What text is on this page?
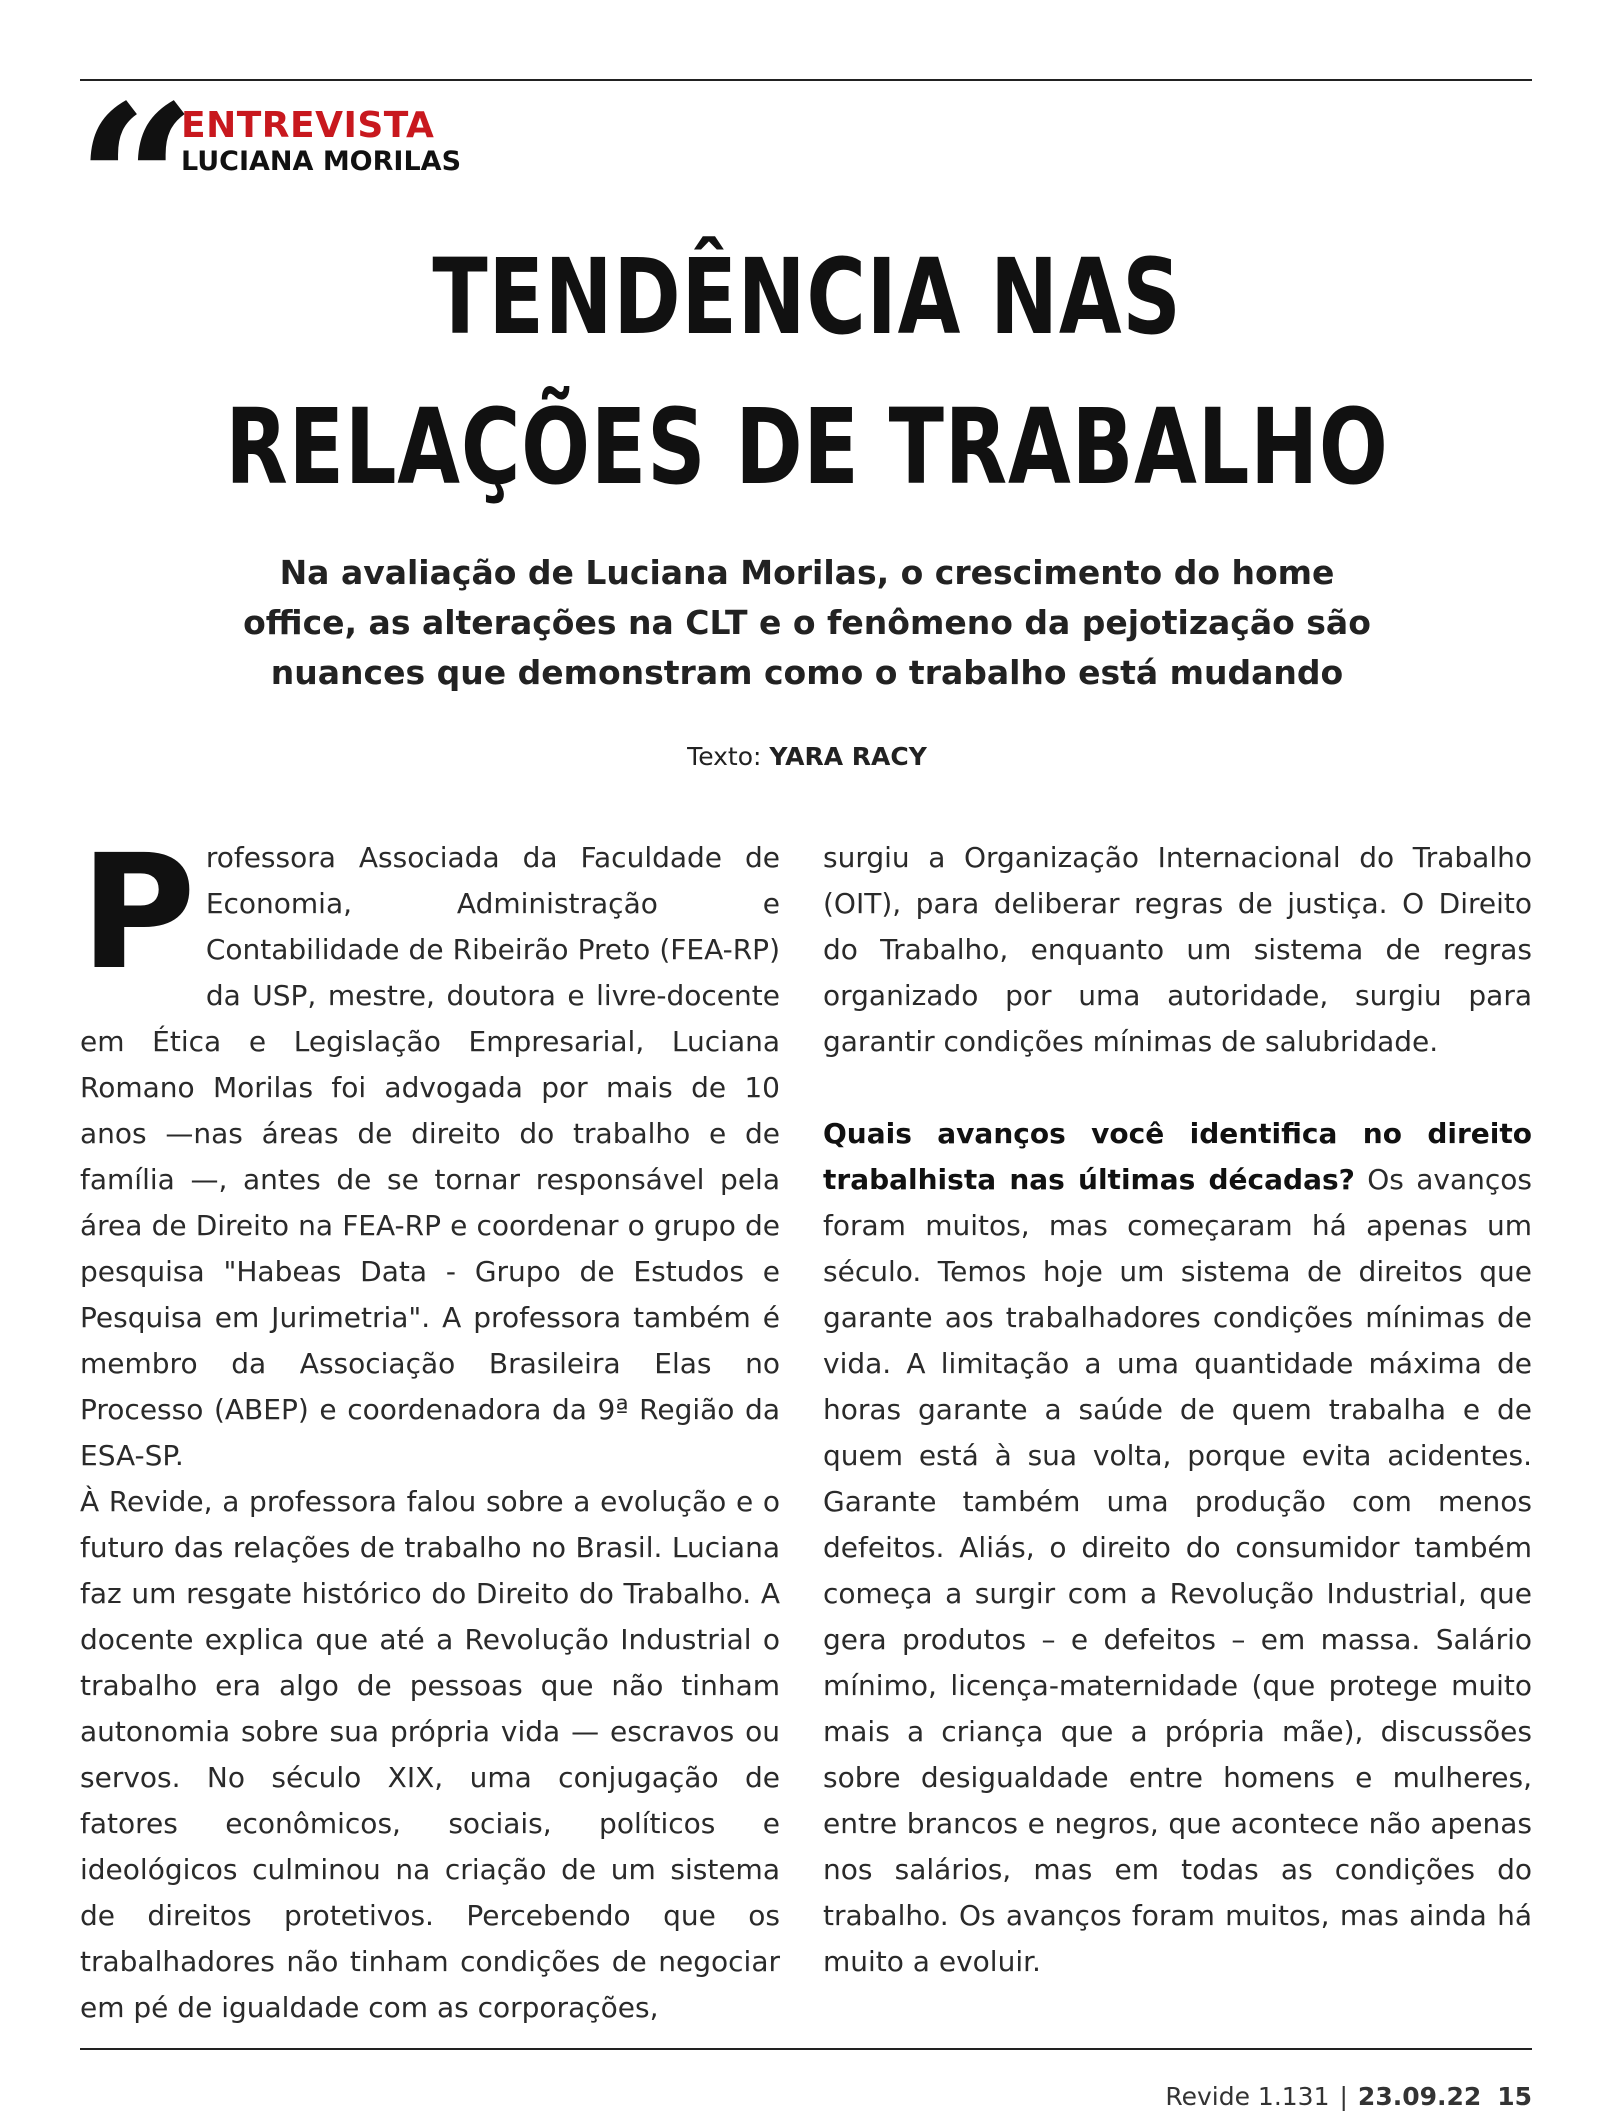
“
ENTREVISTA
LUCIANA MORILAS
TENDÊNCIA NAS RELAÇÕES DE TRABALHO
Na avaliação de Luciana Morilas, o crescimento do home office, as alterações na CLT e o fenômeno da pejotização são nuances que demonstram como o trabalho está mudando
Texto: YARA RACY

Professora Associada da Faculdade de Economia, Administração e Contabilidade de Ribeirão Preto (FEA-RP) da USP, mestre, doutora e livre-docente em Ética e Legislação Empresarial, Luciana Romano Morilas foi advogada por mais de 10 anos —nas áreas de direito do trabalho e de família —, antes de se tornar responsável pela área de Direito na FEA-RP e coordenar o grupo de pesquisa "Habeas Data - Grupo de Estudos e Pesquisa em Jurimetria". A professora também é membro da Associação Brasileira Elas no Processo (ABEP) e coordenadora da 9ª Região da ESA-SP.

À Revide, a professora falou sobre a evolução e o futuro das relações de trabalho no Brasil. Luciana faz um resgate histórico do Direito do Trabalho. A docente explica que até a Revolução Industrial o trabalho era algo de pessoas que não tinham autonomia sobre sua própria vida — escravos ou servos. No século XIX, uma conjugação de fatores econômicos, sociais, políticos e ideológicos culminou na criação de um sistema de direitos protetivos. Percebendo que os trabalhadores não tinham condições de negociar em pé de igualdade com as corporações,

surgiu a Organização Internacional do Trabalho (OIT), para deliberar regras de justiça. O Direito do Trabalho, enquanto um sistema de regras organizado por uma autoridade, surgiu para garantir condições mínimas de salubridade.

Quais avanços você identifica no direito trabalhista nas últimas décadas? Os avanços foram muitos, mas começaram há apenas um século. Temos hoje um sistema de direitos que garante aos trabalhadores condições mínimas de vida. A limitação a uma quantidade máxima de horas garante a saúde de quem trabalha e de quem está à sua volta, porque evita acidentes. Garante também uma produção com menos defeitos. Aliás, o direito do consumidor também começa a surgir com a Revolução Industrial, que gera produtos – e defeitos – em massa. Salário mínimo, licença-maternidade (que protege muito mais a criança que a própria mãe), discussões sobre desigualdade entre homens e mulheres, entre brancos e negros, que acontece não apenas nos salários, mas em todas as condições do trabalho. Os avanços foram muitos, mas ainda há muito a evoluir.

Revide 1.131 | 23.09.22 15
